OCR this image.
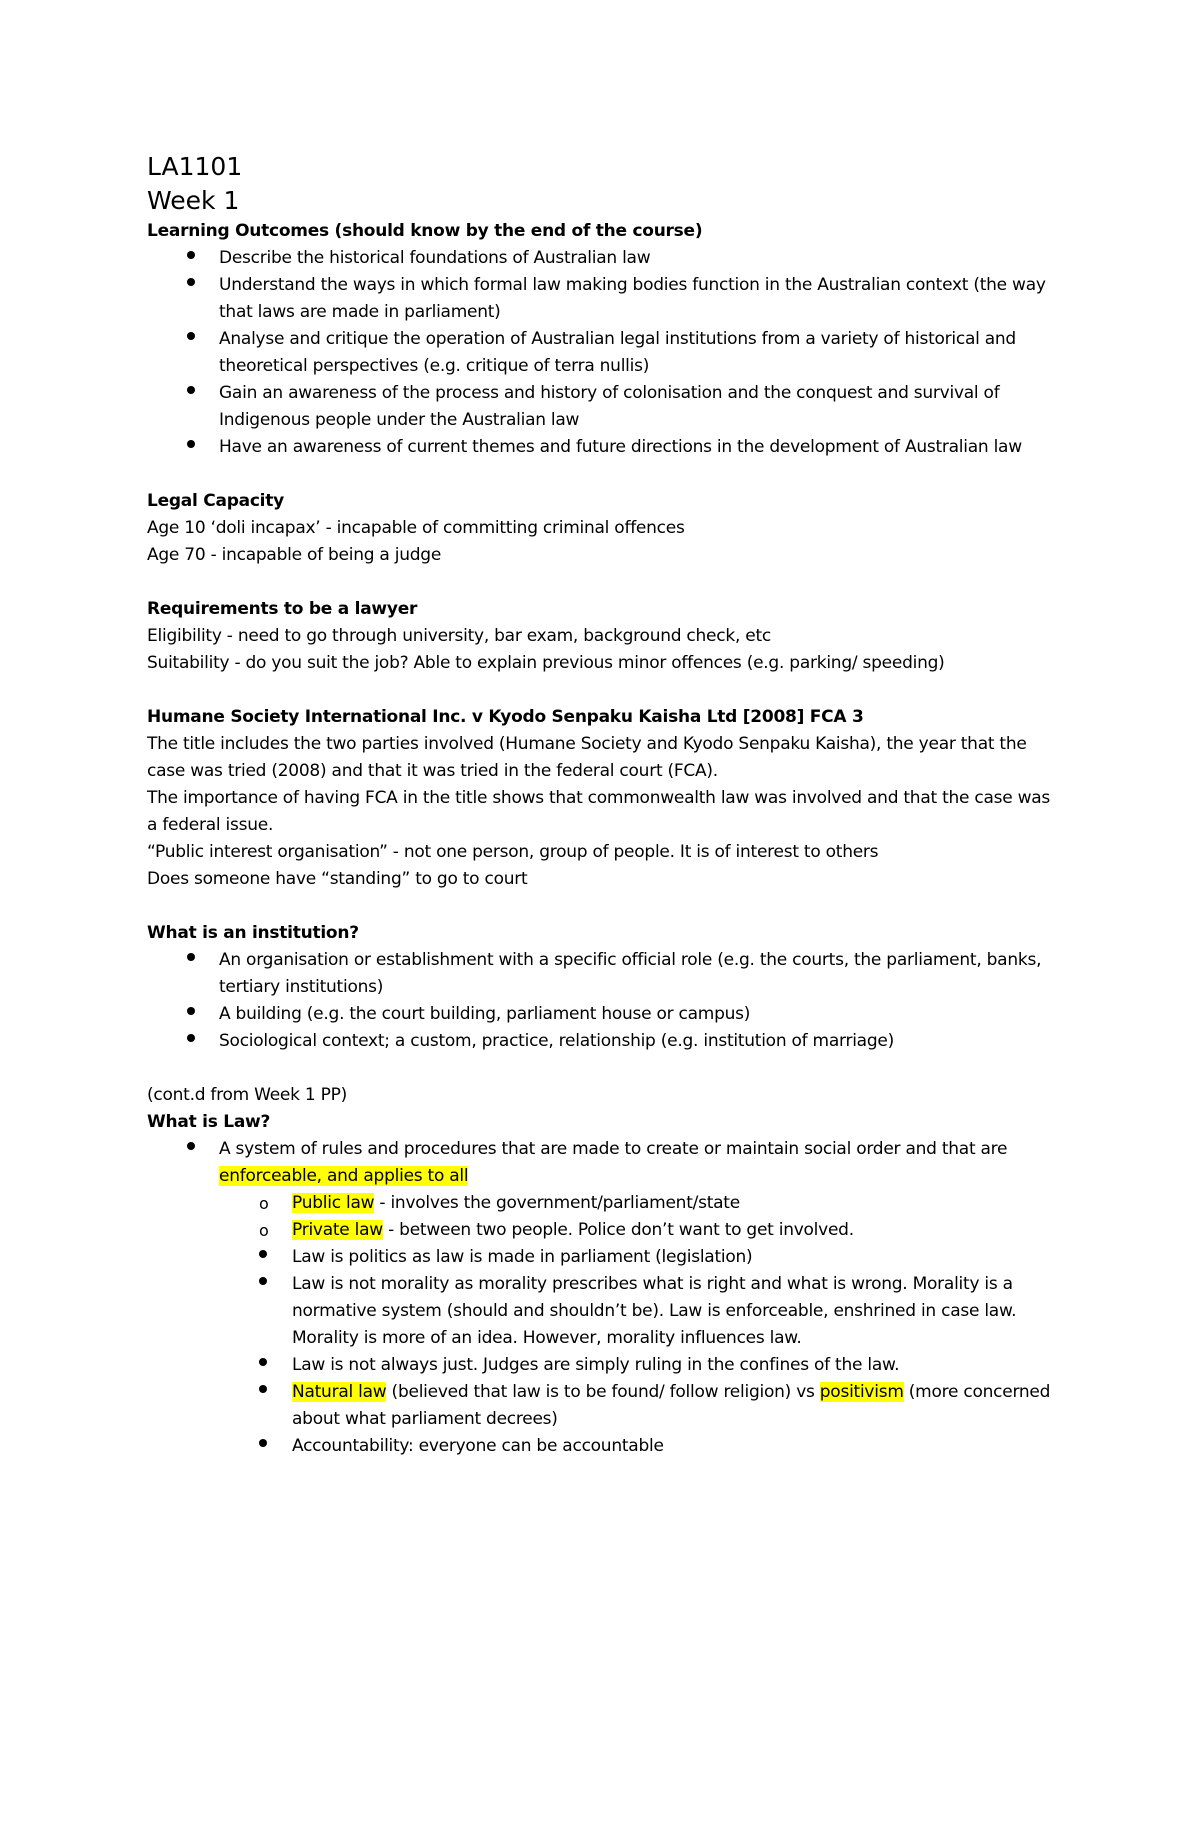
LA1101
Week 1
Learning Outcomes (should know by the end of the course)
Describe the historical foundations of Australian law
Understand the ways in which formal law making bodies function in the Australian context (the way that laws are made in parliament)
Analyse and critique the operation of Australian legal institutions from a variety of historical and theoretical perspectives (e.g. critique of terra nullis)
Gain an awareness of the process and history of colonisation and the conquest and survival of Indigenous people under the Australian law
Have an awareness of current themes and future directions in the development of Australian law
Legal Capacity
Age 10 ‘doli incapax’ - incapable of committing criminal offences
Age 70 - incapable of being a judge
Requirements to be a lawyer
Eligibility - need to go through university, bar exam, background check, etc
Suitability - do you suit the job? Able to explain previous minor offences (e.g. parking/ speeding)
Humane Society International Inc. v Kyodo Senpaku Kaisha Ltd [2008] FCA 3
The title includes the two parties involved (Humane Society and Kyodo Senpaku Kaisha), the year that the case was tried (2008) and that it was tried in the federal court (FCA).
The importance of having FCA in the title shows that commonwealth law was involved and that the case was a federal issue.
“Public interest organisation” - not one person, group of people. It is of interest to others
Does someone have “standing” to go to court
What is an institution?
An organisation or establishment with a specific official role (e.g. the courts, the parliament, banks, tertiary institutions)
A building (e.g. the court building, parliament house or campus)
Sociological context; a custom, practice, relationship (e.g. institution of marriage)
(cont.d from Week 1 PP)
What is Law?
A system of rules and procedures that are made to create or maintain social order and that are enforceable, and applies to all
o Public law - involves the government/parliament/state
o Private law - between two people. Police don’t want to get involved.
Law is politics as law is made in parliament (legislation)
Law is not morality as morality prescribes what is right and what is wrong. Morality is a normative system (should and shouldn’t be). Law is enforceable, enshrined in case law. Morality is more of an idea. However, morality influences law.
Law is not always just. Judges are simply ruling in the confines of the law.
Natural law (believed that law is to be found/ follow religion) vs positivism (more concerned about what parliament decrees)
Accountability: everyone can be accountable
